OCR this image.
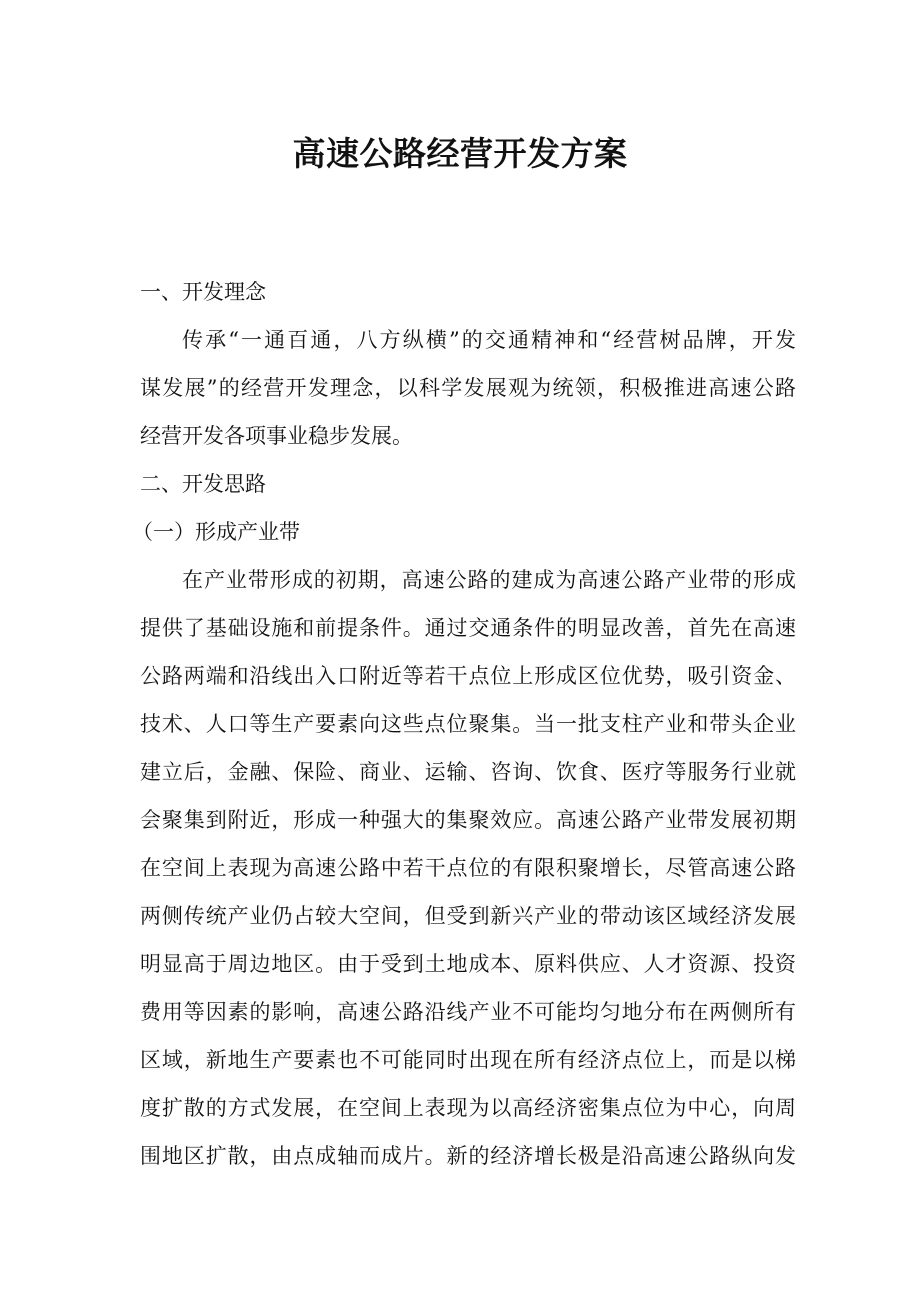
高速公路经营开发方案
一、开发理念
传承“一通百通，八方纵横”的交通精神和“经营树品牌，开发
谋发展”的经营开发理念，以科学发展观为统领，积极推进高速公路
经营开发各项事业稳步发展。
二、开发思路
（一）形成产业带
在产业带形成的初期，高速公路的建成为高速公路产业带的形成
提供了基础设施和前提条件。通过交通条件的明显改善，首先在高速
公路两端和沿线出入口附近等若干点位上形成区位优势，吸引资金、
技术、人口等生产要素向这些点位聚集。当一批支柱产业和带头企业
建立后，金融、保险、商业、运输、咨询、饮食、医疗等服务行业就
会聚集到附近，形成一种强大的集聚效应。高速公路产业带发展初期
在空间上表现为高速公路中若干点位的有限积聚增长，尽管高速公路
两侧传统产业仍占较大空间，但受到新兴产业的带动该区域经济发展
明显高于周边地区。由于受到土地成本、原料供应、人才资源、投资
费用等因素的影响，高速公路沿线产业不可能均匀地分布在两侧所有
区域，新地生产要素也不可能同时出现在所有经济点位上，而是以梯
度扩散的方式发展，在空间上表现为以高经济密集点位为中心，向周
围地区扩散，由点成轴而成片。新的经济增长极是沿高速公路纵向发
